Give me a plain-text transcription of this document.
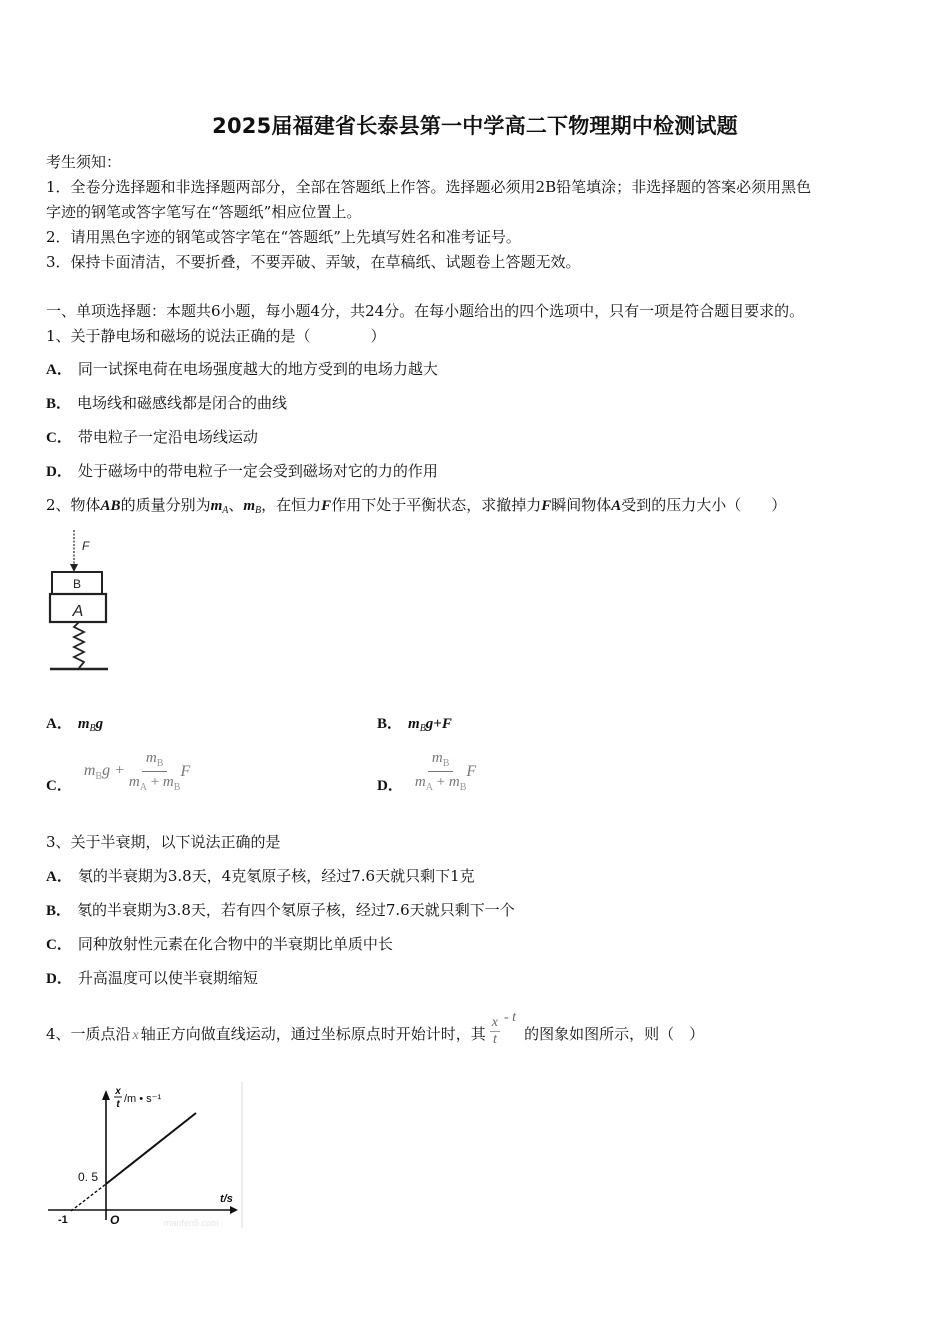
2025届福建省长泰县第一中学高二下物理期中检测试题
考生须知：
1．全卷分选择题和非选择题两部分，全部在答题纸上作答。选择题必须用2B铅笔填涂；非选择题的答案必须用黑色
字迹的钢笔或答字笔写在“答题纸”相应位置上。
2．请用黑色字迹的钢笔或答字笔在“答题纸”上先填写姓名和准考证号。
3．保持卡面清洁，不要折叠，不要弄破、弄皱，在草稿纸、试题卷上答题无效。
一、单项选择题：本题共6小题，每小题4分，共24分。在每小题给出的四个选项中，只有一项是符合题目要求的。
1、关于静电场和磁场的说法正确的是（　　　　）
A． 同一试探电荷在电场强度越大的地方受到的电场力越大
B． 电场线和磁感线都是闭合的曲线
C． 带电粒子一定沿电场线运动
D． 处于磁场中的带电粒子一定会受到磁场对它的力的作用
2、物体AB的质量分别为$m_A$、$m_B$，在恒力F作用下处于平衡状态，求撤掉力F瞬间物体A受到的压力大小（　　）
F
B
A
A． $m_Bg$	B． $m_Bg+F$
C．
$m_Bg + \frac{m_B}{m_A + m_B}$ F
D． $\frac{m_B}{m_A + m_B}$ F
3、关于半衰期，以下说法正确的是
A． 氡的半衰期为3.8天，4克氡原子核，经过7.6天就只剩下1克
B． 氡的半衰期为3.8天，若有四个氡原子核，经过7.6天就只剩下一个
C． 同种放射性元素在化合物中的半衰期比单质中长
D． 升高温度可以使半衰期缩短
4、一质点沿 x 轴正方向做直线运动，通过坐标原点时开始计时，其 $\frac{x}{t}$ - t
的图象如图所示，则（　）
x
t /m • s⁻¹
t/s
0. 5
-1	O	manfen5.com
